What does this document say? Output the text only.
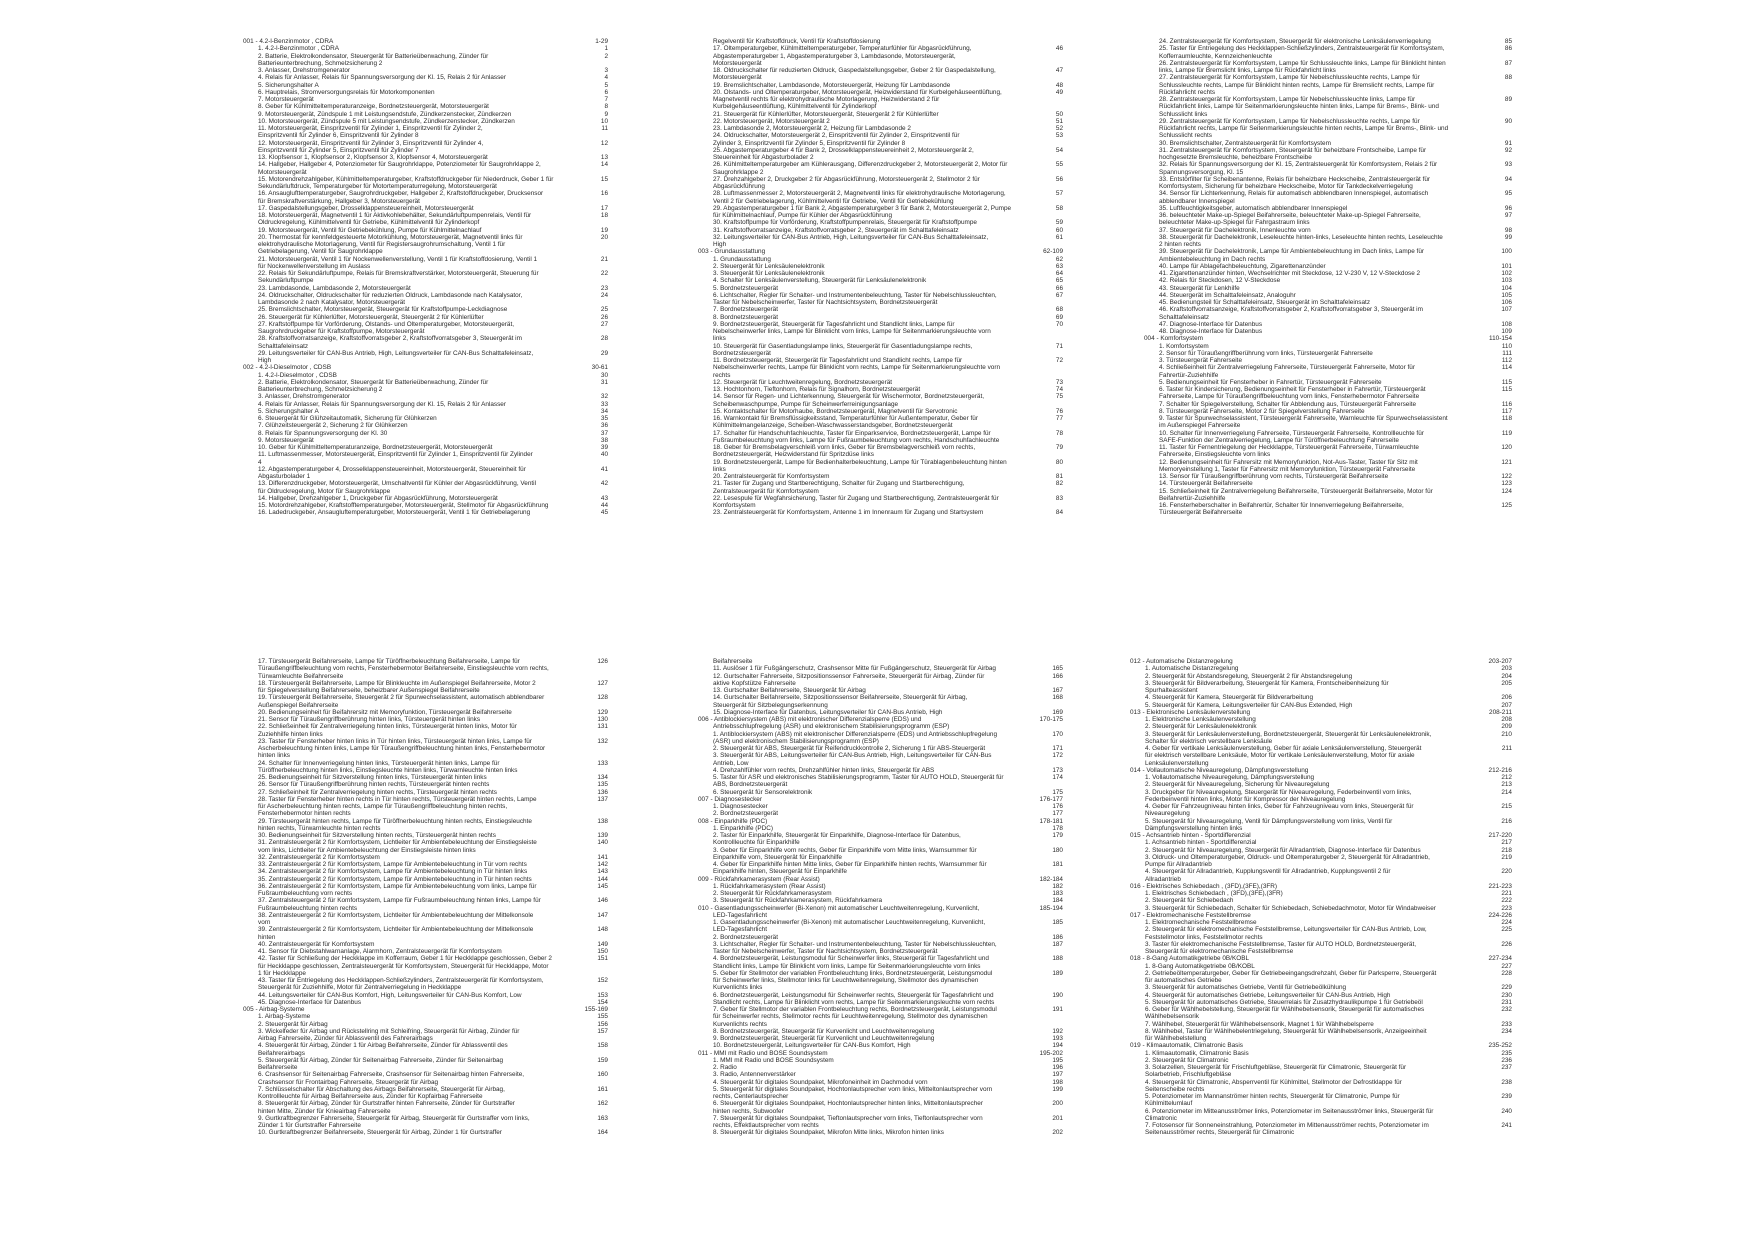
001 - 4.2-l-Benzinmotor , CDRA	1-29
1. 4.2-l-Benzinmotor , CDRA	1
2. Batterie, Elektrolkondensator, Steuergerät für Batterieüberwachung, Zünder für	2
Batterieunterbrechung, Schmelzsicherung 2
3. Anlasser, Drehstromgenerator	3
4. Relais für Anlasser, Relais für Spannungsversorgung der Kl. 15, Relais 2 für Anlasser	4
5. Sicherungshalter A	5
6. Hauptrelais, Stromversorgungsrelais für Motorkomponenten	6
7. Motorsteuergerät	7
8. Geber für Kühlmitteltemperaturanzeige, Bordnetzsteuergerät, Motorsteuergerät	8
9. Motorsteuergerät, Zündspule 1 mit Leistungsendstufe, Zündkerzenstecker, Zündkerzen	9
10. Motorsteuergerät, Zündspule 5 mit Leistungsendstufe, Zündkerzenstecker, Zündkerzen	10
11. Motorsteuergerät, Einspritzventil für Zylinder 1, Einspritzventil für Zylinder 2,	11
Einspritzventil für Zylinder 6, Einspritzventil für Zylinder 8
12. Motorsteuergerät, Einspritzventil für Zylinder 3, Einspritzventil für Zylinder 4,	12
Einspritzventil für Zylinder 5, Einspritzventil für Zylinder 7
13. Klopfsensor 1, Klopfsensor 2, Klopfsensor 3, Klopfsensor 4, Motorsteuergerät	13
14. Hallgeber, Hallgeber 4, Potenziometer für Saugrohrklappe, Potenziometer für Saugrohrklappe 2,	14
Motorsteuergerät
15. Motorendrehzahlgeber, Kühlmitteltemperaturgeber, Kraftstoffdruckgeber für Niederdruck, Geber 1 für	15
Sekundärluftdruck, Temperaturgeber für Motortemperaturregelung, Motorsteuergerät
16. Ansauglufttemperaturgeber, Saugrohrdruckgeber, Hallgeber 2, Kraftstoffdruckgeber, Drucksensor	16
für Bremskraftverstärkung, Hallgeber 3, Motorsteuergerät
17. Gaspedalstellungsgeber, Drosselklappensteuereinheit, Motorsteuergerät	17
18. Motorsteuergerät, Magnetventil 1 für Aktivkohlebehälter, Sekundärluftpumpenrelais, Ventil für	18
Öldruckregelung, Kühlmittelventil für Getriebe, Kühlmittelventil für Zylinderkopf
19. Motorsteuergerät, Ventil für Getriebekühlung, Pumpe für Kühlmittelnachlauf	19
20. Thermostat für kennfeldgesteuerte Motorkühlung, Motorsteuergerät, Magnetventil links für	20
elektrohydraulische Motorlagerung, Ventil für Registersaugrohrumschaltung, Ventil 1 für
Getriebelagerung, Ventil für Saugrohrklappe
21. Motorsteuergerät, Ventil 1 für Nockenwellenverstellung, Ventil 1 für Kraftstoffdosierung, Ventil 1	21
für Nockenwellenverstellung im Auslass
22. Relais für Sekundärluftpumpe, Relais für Bremskraftverstärker, Motorsteuergerät, Steuerung für	22
Sekundärluftpumpe
23. Lambdasonde, Lambdasonde 2, Motorsteuergerät	23
24. Öldruckschalter, Öldruckschalter für reduzierten Öldruck, Lambdasonde nach Katalysator,	24
Lambdasonde 2 nach Katalysator, Motorsteuergerät
25. Bremslichtschalter, Motorsteuergerät, Steuergerät für Kraftstoffpumpe-Leckdiagnose	25
26. Steuergerät für Kühlerlüfter, Motorsteuergerät, Steuergerät 2 für Kühlerlüfter	26
27. Kraftstoffpumpe für Vorförderung, Ölstands- und Öltemperaturgeber, Motorsteuergerät,	27
Saugrohrdruckgeber für Kraftstoffpumpe, Motorsteuergerät
28. Kraftstoffvorratsanzeige, Kraftstoffvorratsgeber 2, Kraftstoffvorratsgeber 3, Steuergerät im	28
Schalttafeleinsatz
29. Leitungsverteiler für CAN-Bus Antrieb, High, Leitungsverteiler für CAN-Bus Schalttafeleinsatz,	29
High
002 - 4.2-l-Dieselmotor , CDSB	30-61
1. 4.2-l-Dieselmotor , CDSB	30
2. Batterie, Elektrolkondensator, Steuergerät für Batterieüberwachung, Zünder für	31
Batterieunterbrechung, Schmelzsicherung 2
3. Anlasser, Drehstromgenerator	32
4. Relais für Anlasser, Relais für Spannungsversorgung der Kl. 15, Relais 2 für Anlasser	33
5. Sicherungshalter A	34
6. Steuergerät für Glühzeitautomatik, Sicherung für Glühkerzen	35
7. Glühzeitsteuergerät 2, Sicherung 2 für Glühkerzen	36
8. Relais für Spannungsversorgung der Kl. 30	37
9. Motorsteuergerät	38
10. Geber für Kühlmitteltemperaturanzeige, Bordnetzsteuergerät, Motorsteuergerät	39
11. Luftmassenmesser, Motorsteuergerät, Einspritzventil für Zylinder 1, Einspritzventil für Zylinder	40
4
12. Abgastemperaturgeber 4, Drosselklappensteuereinheit, Motorsteuergerät, Steuereinheit für	41
Abgasturbolader 1
13. Differenzdruckgeber, Motorsteuergerät, Umschaltventil für Kühler der Abgasrückführung, Ventil	42
für Öldruckregelung, Motor für Saugrohrklappe
14. Hallgeber, Drehzahlgeber 1, Druckgeber für Abgasrückführung, Motorsteuergerät	43
15. Motordrehzahlgeber, Kraftstofftemperaturgeber, Motorsteuergerät, Stellmotor für Abgasrückführung	44
16. Ladedruckgeber, Ansaugluftemperaturgeber, Motorsteuergerät, Ventil 1 für Getriebelagerung	45
Regelventil für Kraftstoffdruck, Ventil für Kraftstoffdosierung
17. Öltemperaturgeber, Kühlmitteltemperaturgeber, Temperaturfühler für Abgasrückführung,	46
Abgastemperaturgeber 1, Abgastemperaturgeber 3, Lambdasonde, Motorsteuergerät,
Motorsteuergerät
18. Öldruckschalter für reduzierten Öldruck, Gaspedalstellungsgeber, Geber 2 für Gaspedalstellung,	47
Motorsteuergerät
19. Bremslichtschalter, Lambdasonde, Motorsteuergerät, Heizung für Lambdasonde	48
20. Ölstands- und Öltemperaturgeber, Motorsteuergerät, Heizwiderstand für Kurbelgehäuseentlüftung,	49
Magnetventil rechts für elektrohydraulische Motorlagerung, Heizwiderstand 2 für
Kurbelgehäuseentlüftung, Kühlmittelventil für Zylinderkopf
21. Steuergerät für Kühlerlüfter, Motorsteuergerät, Steuergerät 2 für Kühlerlüfter	50
22. Motorsteuergerät, Motorsteuergerät 2	51
23. Lambdasonde 2, Motorsteuergerät 2, Heizung für Lambdasonde 2	52
24. Öldruckschalter, Motorsteuergerät 2, Einspritzventil für Zylinder 2, Einspritzventil für	53
Zylinder 3, Einspritzventil für Zylinder 5, Einspritzventil für Zylinder 8
25. Abgastemperaturgeber 4 für Bank 2, Drosselklappensteuereinheit 2, Motorsteuergerät 2,	54
Steuereinheit für Abgasturbolader 2
26. Kühlmitteltemperaturgeber am Kühlerausgang, Differenzdruckgeber 2, Motorsteuergerät 2, Motor für	55
Saugrohrklappe 2
27. Drehzahlgeber 2, Druckgeber 2 für Abgasrückführung, Motorsteuergerät 2, Stellmotor 2 für	56
Abgasrückführung
28. Luftmassenmesser 2, Motorsteuergerät 2, Magnetventil links für elektrohydraulische Motorlagerung,	57
Ventil 2 für Getriebelagerung, Kühlmittelventil für Getriebe, Ventil für Getriebekühlung
29. Abgastemperaturgeber 1 für Bank 2, Abgastemperaturgeber 3 für Bank 2, Motorsteuergerät 2, Pumpe	58
für Kühlmittelnachlauf, Pumpe für Kühler der Abgasrückführung
30. Kraftstoffpumpe für Vorförderung, Kraftstoffpumpenrelais, Steuergerät für Kraftstoffpumpe	59
31. Kraftstoffvorratsanzeige, Kraftstoffvorratsgeber 2, Steuergerät im Schalttafeleinsatz	60
32. Leitungsverteiler für CAN-Bus Antrieb, High, Leitungsverteiler für CAN-Bus Schalttafeleinsatz,	61
High
003 - Grundausstattung	62-109
1. Grundausstattung	62
2. Steuergerät für Lenksäulenelektronik	63
3. Steuergerät für Lenksäulenelektronik	64
4. Schalter für Lenksäulenverstellung, Steuergerät für Lenksäulenelektronik	65
5. Bordnetzsteuergerät	66
6. Lichtschalter, Regler für Schalter- und Instrumentenbeleuchtung, Taster für Nebelschlussleuchten,	67
Taster für Nebelscheinwerfer, Taster für Nachtsichtsystem, Bordnetzsteuergerät
7. Bordnetzsteuergerät	68
8. Bordnetzsteuergerät	69
9. Bordnetzsteuergerät, Steuergerät für Tagesfahrlicht und Standlicht links, Lampe für	70
Nebelscheinwerfer links, Lampe für Blinklicht vorn links, Lampe für Seitenmarkierungsleuchte vorn
links
10. Steuergerät für Gasentladungslampe links, Steuergerät für Gasentladungslampe rechts,	71
Bordnetzsteuergerät
11. Bordnetzsteuergerät, Steuergerät für Tagesfahrlicht und Standlicht rechts, Lampe für	72
Nebelscheinwerfer rechts, Lampe für Blinklicht vorn rechts, Lampe für Seitenmarkierungsleuchte vorn
rechts
12. Steuergerät für Leuchtweitenregelung, Bordnetzsteuergerät	73
13. Hochtonhorn, Tieftonhorn, Relais für Signalhorn, Bordnetzsteuergerät	74
14. Sensor für Regen- und Lichterkennung, Steuergerät für Wischermotor, Bordnetzsteuergerät,	75
Scheibenwaschpumpe, Pumpe für Scheinwerferreinigungsanlage
15. Kontaktschalter für Motorhaube, Bordnetzsteuergerät, Magnetventil für Servotronic	76
16. Warnkontakt für Bremsflüssigkeitsstand, Temperaturfühler für Außentemperatur, Geber für	77
Kühlmittelmangelanzeige, Scheiben-Waschwasserstandsgeber, Bordnetzsteuergerät
17. Schalter für Handschuhfachleuchte, Taster für Einparkservice, Bordnetzsteuergerät, Lampe für	78
Fußraumbeleuchtung vorn links, Lampe für Fußraumbeleuchtung vorn rechts, Handschuhfachleuchte
18. Geber für Bremsbelagverschleiß vorn links, Geber für Bremsbelagverschleiß vorn rechts,	79
Bordnetzsteuergerät, Heizwiderstand für Spritzdüse links
19. Bordnetzsteuergerät, Lampe für Bedienhalterbeleuchtung, Lampe für Türablagenbeleuchtung hinten	80
links
20. Zentralsteuergerät für Komfortsystem	81
21. Taster für Zugang und Startberechtigung, Schalter für Zugang und Startberechtigung,	82
Zentralsteuergerät für Komfortsystem
22. Lesespule für Wegfahrsicherung, Taster für Zugang und Startberechtigung, Zentralsteuergerät für	83
Komfortsystem
23. Zentralsteuergerät für Komfortsystem, Antenne 1 im Innenraum für Zugang und Startsystem	84
24. Zentralsteuergerät für Komfortsystem, Steuergerät für elektronische Lenksäulenverriegelung	85
25. Taster für Entriegelung des Heckklappen-Schließzylinders, Zentralsteuergerät für Komfortsystem,	86
Kofferraumleuchte, Kennzeichenleuchte
26. Zentralsteuergerät für Komfortsystem, Lampe für Schlussleuchte links, Lampe für Blinklicht hinten	87
links, Lampe für Bremslicht links, Lampe für Rückfahrlicht links
27. Zentralsteuergerät für Komfortsystem, Lampe für Nebelschlussleuchte rechts, Lampe für	88
Schlussleuchte rechts, Lampe für Blinklicht hinten rechts, Lampe für Bremslicht rechts, Lampe für
Rückfahrlicht rechts
28. Zentralsteuergerät für Komfortsystem, Lampe für Nebelschlussleuchte links, Lampe für	89
Rückfahrlicht links, Lampe für Seitenmarkierungsleuchte hinten links, Lampe für Brems-, Blink- und
Schlusslicht links
29. Zentralsteuergerät für Komfortsystem, Lampe für Nebelschlussleuchte rechts, Lampe für	90
Rückfahrlicht rechts, Lampe für Seitenmarkierungsleuchte hinten rechts, Lampe für Brems-, Blink- und
Schlusslicht rechts
30. Bremslichtschalter, Zentralsteuergerät für Komfortsystem	91
31. Zentralsteuergerät für Komfortsystem, Steuergerät für beheizbare Frontscheibe, Lampe für	92
hochgesetzte Bremsleuchte, beheizbare Frontscheibe
32. Relais für Spannungsversorgung der Kl. 15, Zentralsteuergerät für Komfortsystem, Relais 2 für	93
Spannungsversorgung, Kl. 15
33. Entstörfilter für Scheibenantenne, Relais für beheizbare Heckscheibe, Zentralsteuergerät für	94
Komfortsystem, Sicherung für beheizbare Heckscheibe, Motor für Tankdeckelverriegelung
34. Sensor für Lichterkennung, Relais für automatisch abblendbaren Innenspiegel, automatisch	95
abblendbarer Innenspiegel
35. Luftfeuchtigkeitsgeber, automatisch abblendbarer Innenspiegel	96
36. beleuchteter Make-up-Spiegel Beifahrerseite, beleuchteter Make-up-Spiegel Fahrerseite,	97
beleuchteter Make-up-Spiegel für Fahrgastraum links
37. Steuergerät für Dachelektronik, Innenleuchte vorn	98
38. Steuergerät für Dachelektronik, Leseleuchte hinten-links, Leseleuchte hinten rechts, Leseleuchte	99
2 hinten rechts
39. Steuergerät für Dachelektronik, Lampe für Ambientebeleuchtung im Dach links, Lampe für	100
Ambientebeleuchtung im Dach rechts
40. Lampe für Ablagefachbeleuchtung, Zigarettenanzünder	101
41. Zigarettenanzünder hinten, Wechselrichter mit Steckdose, 12 V-230 V, 12 V-Steckdose 2	102
42. Relais für Steckdosen, 12 V-Steckdose	103
43. Steuergerät für Lenkhilfe	104
44. Steuergerät im Schalttafeleinsatz, Analoguhr	105
45. Bedienungsteil für Schalttafeleinsatz, Steuergerät im Schalttafeleinsatz	106
46. Kraftstoffvorratsanzeige, Kraftstoffvorratsgeber 2, Kraftstoffvorratsgeber 3, Steuergerät im	107
Schalttafeleinsatz
47. Diagnose-Interface für Datenbus	108
48. Diagnose-Interface für Datenbus	109
004 - Komfortsystem	110-154
1. Komfortsystem	110
2. Sensor für Türaußengriffberührung vorn links, Türsteuergerät Fahrerseite	111
3. Türsteuergerät Fahrerseite	112
4. Schließeinheit für Zentralverriegelung Fahrerseite, Türsteuergerät Fahrerseite, Motor für	114
Fahrertür-Zuziehhilfe
5. Bedienungseinheit für Fensterheber in Fahrertür, Türsteuergerät Fahrerseite	115
6. Taster für Kindersicherung, Bedienungseinheit für Fensterheber in Fahrertür, Türsteuergerät	115
Fahrerseite, Lampe für Türaußengriffbeleuchtung vorn links, Fensterhebermotor Fahrerseite
7. Schalter für Spiegelverstellung, Schalter für Abblendung aus, Türsteuergerät Fahrerseite	116
8. Türsteuergerät Fahrerseite, Motor 2 für Spiegelverstellung Fahrerseite	117
9. Taster für Spurwechselassistent, Türsteuergerät Fahrerseite, Warnleuchte für Spurwechselassistent	118
im Außenspiegel Fahrerseite
10. Schalter für Innenverriegelung Fahrerseite, Türsteuergerät Fahrerseite, Kontrollleuchte für	119
SAFE-Funktion der Zentralverriegelung, Lampe für Türöffnerbeleuchtung Fahrerseite
11. Taster für Fernentriegelung der Heckklappe, Türsteuergerät Fahrerseite, Türwarnleuchte	120
Fahrerseite, Einstiegsleuchte vorn links
12. Bedienungseinheit für Fahrersitz mit Memoryfunktion, Not-Aus-Taster, Taster für Sitz mit	121
Memoryeinstellung 1, Taster für Fahrersitz mit Memoryfunktion, Türsteuergerät Fahrerseite
13. Sensor für Türaußengriffberührung vorn rechts, Türsteuergerät Beifahrerseite	122
14. Türsteuergerät Beifahrerseite	123
15. Schließeinheit für Zentralverriegelung Beifahrerseite, Türsteuergerät Beifahrerseite, Motor für	124
Beifahrertür-Zuziehhilfe
16. Fensterheberschalter in Beifahrertür, Schalter für Innenverriegelung Beifahrerseite,	125
Türsteuergerät Beifahrerseite
17. Türsteuergerät Beifahrerseite, Lampe für Türöffnerbeleuchtung Beifahrerseite, Lampe für	126
Türaußengriffbeleuchtung vorn rechts, Fensterhebermotor Beifahrerseite, Einstiegsleuchte vorn rechts,
Türwarnleuchte Beifahrerseite
18. Türsteuergerät Beifahrerseite, Lampe für Blinkleuchte im Außenspiegel Beifahrerseite, Motor 2	127
für Spiegelverstellung Beifahrerseite, beheizbarer Außenspiegel Beifahrerseite
19. Türsteuergerät Beifahrerseite, Steuergerät 2 für Spurwechselassistent, automatisch abblendbarer	128
Außenspiegel Beifahrerseite
20. Bedienungseinheit für Beifahrersitz mit Memoryfunktion, Türsteuergerät Beifahrerseite	129
21. Sensor für Türaußengriffberührung hinten links, Türsteuergerät hinten links	130
22. Schließeinheit für Zentralverriegelung hinten links, Türsteuergerät hinten links, Motor für	131
Zuziehhilfe hinten links
23. Taster für Fensterheber hinten links in Tür hinten links, Türsteuergerät hinten links, Lampe für	132
Ascherbeleuchtung hinten links, Lampe für Türaußengriffbeleuchtung hinten links, Fensterhebermotor
hinten links
24. Schalter für Innenverriegelung hinten links, Türsteuergerät hinten links, Lampe für	133
Türöffnerbeleuchtung hinten links, Einstiegsleuchte hinten links, Türwarnleuchte hinten links
25. Bedienungseinheit für Sitzverstellung hinten links, Türsteuergerät hinten links	134
26. Sensor für Türaußengriffberührung hinten rechts, Türsteuergerät hinten rechts	135
27. Schließeinheit für Zentralverriegelung hinten rechts, Türsteuergerät hinten rechts	136
28. Taster für Fensterheber hinten rechts in Tür hinten rechts, Türsteuergerät hinten rechts, Lampe	137
für Ascherbeleuchtung hinten rechts, Lampe für Türaußengriffbeleuchtung hinten rechts,
Fensterhebermotor hinten rechts
29. Türsteuergerät hinten rechts, Lampe für Türöffnerbeleuchtung hinten rechts, Einstiegsleuchte	138
hinten rechts, Türwarnleuchte hinten rechts
30. Bedienungseinheit für Sitzverstellung hinten rechts, Türsteuergerät hinten rechts	139
31. Zentralsteuergerät 2 für Komfortsystem, Lichtleiter für Ambientebeleuchtung der Einstiegsleiste	140
vorn links, Lichtleiter für Ambientebeleuchtung der Einstiegsleiste hinten links
32. Zentralsteuergerät 2 für Komfortsystem	141
33. Zentralsteuergerät 2 für Komfortsystem, Lampe für Ambientebeleuchtung in Tür vorn rechts	142
34. Zentralsteuergerät 2 für Komfortsystem, Lampe für Ambientebeleuchtung in Tür hinten links	143
35. Zentralsteuergerät 2 für Komfortsystem, Lampe für Ambientebeleuchtung in Tür hinten rechts	144
36. Zentralsteuergerät 2 für Komfortsystem, Lampe für Ambientebeleuchtung vorn links, Lampe für	145
Fußraumbeleuchtung vorn rechts
37. Zentralsteuergerät 2 für Komfortsystem, Lampe für Fußraumbeleuchtung hinten links, Lampe für	146
Fußraumbeleuchtung hinten rechts
38. Zentralsteuergerät 2 für Komfortsystem, Lichtleiter für Ambientebeleuchtung der Mittelkonsole	147
vorn
39. Zentralsteuergerät 2 für Komfortsystem, Lichtleiter für Ambientebeleuchtung der Mittelkonsole	148
hinten
40. Zentralsteuergerät für Komfortsystem	149
41. Sensor für Diebstahlwarnanlage, Alarmhorn, Zentralsteuergerät für Komfortsystem	150
42. Taster für Schließung der Heckklappe im Kofferraum, Geber 1 für Heckklappe geschlossen, Geber 2	151
für Heckklappe geschlossen, Zentralsteuergerät für Komfortsystem, Steuergerät für Heckklappe, Motor
1 für Heckklappe
43. Taster für Entriegelung des Heckklappen-Schließzylinders, Zentralsteuergerät für Komfortsystem,	152
Steuergerät für Zuziehhilfe, Motor für Zentralverriegelung in Heckklappe
44. Leitungsverteiler für CAN-Bus Komfort, High, Leitungsverteiler für CAN-Bus Komfort, Low	153
45. Diagnose-Interface für Datenbus	154
005 - Airbag-Systeme	155-169
1. Airbag-Systeme	155
2. Steuergerät für Airbag	156
3. Wickelfeder für Airbag und Rückstellring mit Schleifring, Steuergerät für Airbag, Zünder für	157
Airbag Fahrerseite, Zünder für Ablassventil des Fahrerairbags
4. Steuergerät für Airbag, Zünder 1 für Airbag Beifahrerseite, Zünder für Ablassventil des	158
Beifahrerairbags
5. Steuergerät für Airbag, Zünder für Seitenairbag Fahrerseite, Zünder für Seitenairbag	159
Beifahrerseite
6. Crashsensor für Seitenairbag Fahrerseite, Crashsensor für Seitenairbag hinten Fahrerseite,	160
Crashsensor für Frontairbag Fahrerseite, Steuergerät für Airbag
7. Schlüsselschalter für Abschaltung des Airbags Beifahrerseite, Steuergerät für Airbag,	161
Kontrollleuchte für Airbag Beifahrerseite aus, Zünder für Kopfairbag Fahrerseite
8. Steuergerät für Airbag, Zünder für Gurtstraffer hinten Fahrerseite, Zünder für Gurtstraffer	162
hinten Mitte, Zünder für Knieairbag Fahrerseite
9. Gurtkraftbegrenzer Fahrerseite, Steuergerät für Airbag, Steuergerät für Gurtstraffer vorn links,	163
Zünder 1 für Gurtstraffer Fahrerseite
10. Gurtkraftbegrenzer Beifahrerseite, Steuergerät für Airbag, Zünder 1 für Gurtstraffer	164
Beifahrerseite
11. Auslöser 1 für Fußgängerschutz, Crashsensor Mitte für Fußgängerschutz, Steuergerät für Airbag	165
12. Gurtschalter Fahrerseite, Sitzpositionssensor Fahrerseite, Steuergerät für Airbag, Zünder für	166
aktive Kopfstütze Fahrerseite
13. Gurtschalter Beifahrerseite, Steuergerät für Airbag	167
14. Gurtschalter Beifahrerseite, Sitzpositionssensor Beifahrerseite, Steuergerät für Airbag,	168
Steuergerät für Sitzbelegungserkennung
15. Diagnose-Interface für Datenbus, Leitungsverteiler für CAN-Bus Antrieb, High	169
006 - Antiblockiersystem (ABS) mit elektronischer Differenzialsperre (EDS) und	170-175
Antriebsschlupfregelung (ASR) und elektronischem Stabilisierungsprogramm (ESP)
1. Antiblockiersystem (ABS) mit elektronischer Differenzialsperre (EDS) und Antriebsschlupfregelung	170
(ASR) und elektronischem Stabilisierungsprogramm (ESP)
2. Steuergerät für ABS, Steuergerät für Reifendruckkontrolle 2, Sicherung 1 für ABS-Steuergerät	171
3. Steuergerät für ABS, Leitungsverteiler für CAN-Bus Antrieb, High, Leitungsverteiler für CAN-Bus	172
Antrieb, Low
4. Drehzahlfühler vorn rechts, Drehzahlfühler hinten links, Steuergerät für ABS	173
5. Taster für ASR und elektronisches Stabilisierungsprogramm, Taster für AUTO HOLD, Steuergerät für	174
ABS, Bordnetzsteuergerät
6. Steuergerät für Sensorelektronik	175
007 - Diagnosestecker	176-177
1. Diagnosestecker	176
2. Bordnetzsteuergerät	177
008 - Einparkhilfe (PDC)	178-181
1. Einparkhilfe (PDC)	178
2. Taster für Einparkhilfe, Steuergerät für Einparkhilfe, Diagnose-Interface für Datenbus,	179
Kontrollleuchte für Einparkhilfe
3. Geber für Einparkhilfe vorn rechts, Geber für Einparkhilfe vorn Mitte links, Warnsummer für	180
Einparkhilfe vorn, Steuergerät für Einparkhilfe
4. Geber für Einparkhilfe hinten Mitte links, Geber für Einparkhilfe hinten rechts, Warnsummer für	181
Einparkhilfe hinten, Steuergerät für Einparkhilfe
009 - Rückfahrkamerasystem (Rear Assist)	182-184
1. Rückfahrkamerasystem (Rear Assist)	182
2. Steuergerät für Rückfahrkamerasystem	183
3. Steuergerät für Rückfahrkamerasystem, Rückfahrkamera	184
010 - Gasentladungsscheinwerfer (Bi-Xenon) mit automatischer Leuchtweitenregelung, Kurvenlicht,	185-194
LED-Tagesfahrlicht
1. Gasentladungsscheinwerfer (Bi-Xenon) mit automatischer Leuchtweitenregelung, Kurvenlicht,	185
LED-Tagesfahrlicht
2. Bordnetzsteuergerät	186
3. Lichtschalter, Regler für Schalter- und Instrumentenbeleuchtung, Taster für Nebelschlussleuchten,	187
Taster für Nebelscheinwerfer, Taster für Nachtsichtsystem, Bordnetzsteuergerät
4. Bordnetzsteuergerät, Leistungsmodul für Scheinwerfer links, Steuergerät für Tagesfahrlicht und	188
Standlicht links, Lampe für Blinklicht vorn links, Lampe für Seitenmarkierungsleuchte vorn links
5. Geber für Stellmotor der variablen Frontbeleuchtung links, Bordnetzsteuergerät, Leistungsmodul	189
für Scheinwerfer links, Stellmotor links für Leuchtweitenregelung, Stellmotor des dynamischen
Kurvenlichts links
6. Bordnetzsteuergerät, Leistungsmodul für Scheinwerfer rechts, Steuergerät für Tagesfahrlicht und	190
Standlicht rechts, Lampe für Blinklicht vorn rechts, Lampe für Seitenmarkierungsleuchte vorn rechts
7. Geber für Stellmotor der variablen Frontbeleuchtung rechts, Bordnetzsteuergerät, Leistungsmodul	191
für Scheinwerfer rechts, Stellmotor rechts für Leuchtweitenregelung, Stellmotor des dynamischen
Kurvenlichts rechts
8. Bordnetzsteuergerät, Steuergerät für Kurvenlicht und Leuchtweitenregelung	192
9. Bordnetzsteuergerät, Steuergerät für Kurvenlicht und Leuchtweitenregelung	193
10. Bordnetzsteuergerät, Leitungsverteiler für CAN-Bus Komfort, High	194
011 - MMI mit Radio und BOSE Soundsystem	195-202
1. MMI mit Radio und BOSE Soundsystem	195
2. Radio	196
3. Radio, Antennenverstärker	197
4. Steuergerät für digitales Soundpaket, Mikrofoneinheit im Dachmodul vorn	198
5. Steuergerät für digitales Soundpaket, Hochtonlautsprecher vorn links, Mitteltonlautsprecher vorn	199
rechts, Centerlautsprecher
6. Steuergerät für digitales Soundpaket, Hochtonlautsprecher hinten links, Mitteltonlautsprecher	200
hinten rechts, Subwoofer
7. Steuergerät für digitales Soundpaket, Tieftonlautsprecher vorn links, Tieftonlautsprecher vorn	201
rechts, Effektlautsprecher vorn rechts
8. Steuergerät für digitales Soundpaket, Mikrofon Mitte links, Mikrofon hinten links	202
012 - Automatische Distanzregelung	203-207
1. Automatische Distanzregelung	203
2. Steuergerät für Abstandsregelung, Steuergerät 2 für Abstandsregelung	204
3. Steuergerät für Bildverarbeitung, Steuergerät für Kamera, Frontscheibenheizung für	205
Spurhalteassistent
4. Steuergerät für Kamera, Steuergerät für Bildverarbeitung	206
5. Steuergerät für Kamera, Leitungsverteiler für CAN-Bus Extended, High	207
013 - Elektronische Lenksäulenverstellung	208-211
1. Elektronische Lenksäulenverstellung	208
2. Steuergerät für Lenksäulenelektronik	209
3. Steuergerät für Lenksäulenverstellung, Bordnetzsteuergerät, Steuergerät für Lenksäulenelektronik,	210
Schalter für elektrisch verstellbare Lenksäule
4. Geber für vertikale Lenksäulenverstellung, Geber für axiale Lenksäulenverstellung, Steuergerät	211
für elektrisch verstellbare Lenksäule, Motor für vertikale Lenksäulenverstellung, Motor für axiale
Lenksäulenverstellung
014 - Vollautomatische Niveauregelung, Dämpfungsverstellung	212-216
1. Vollautomatische Niveauregelung, Dämpfungsverstellung	212
2. Steuergerät für Niveauregelung, Sicherung für Niveauregelung	213
3. Druckgeber für Niveauregelung, Steuergerät für Niveauregelung, Federbeinventil vorn links,	214
Federbeinventil hinten links, Motor für Kompressor der Niveauregelung
4. Geber für Fahrzeugniveau hinten links, Geber für Fahrzeugniveau vorn links, Steuergerät für	215
Niveauregelung
5. Steuergerät für Niveauregelung, Ventil für Dämpfungsverstellung vorn links, Ventil für	216
Dämpfungsverstellung hinten links
015 - Achsantrieb hinten - Sportdifferenzial	217-220
1. Achsantrieb hinten - Sportdifferenzial	217
2. Steuergerät für Niveauregelung, Steuergerät für Allradantrieb, Diagnose-Interface für Datenbus	218
3. Öldruck- und Öltemperaturgeber, Öldruck- und Öltemperaturgeber 2, Steuergerät für Allradantrieb,	219
Pumpe für Allradantrieb
4. Steuergerät für Allradantrieb, Kupplungsventil für Allradantrieb, Kupplungsventil 2 für	220
Allradantrieb
016 - Elektrisches Schiebedach , (3FD),(3FE),(3FR)	221-223
1. Elektrisches Schiebedach , (3FD),(3FE),(3FR)	221
2. Steuergerät für Schiebedach	222
3. Steuergerät für Schiebedach, Schalter für Schiebedach, Schiebedachmotor, Motor für Windabweiser	223
017 - Elektromechanische Feststellbremse	224-226
1. Elektromechanische Feststellbremse	224
2. Steuergerät für elektromechanische Feststellbremse, Leitungsverteiler für CAN-Bus Antrieb, Low,	225
Feststellmotor links, Feststellmotor rechts
3. Taster für elektromechanische Feststellbremse, Taster für AUTO HOLD, Bordnetzsteuergerät,	226
Steuergerät für elektromechanische Feststellbremse
018 - 8-Gang Automatikgetriebe 0B/KOBL	227-234
1. 8-Gang Automatikgetriebe 0B/KOBL	227
2. Getriebeöltemperaturgeber, Geber für Getriebeeingangsdrehzahl, Geber für Parksperre, Steuergerät	228
für automatisches Getriebe
3. Steuergerät für automatisches Getriebe, Ventil für Getriebeölkühlung	229
4. Steuergerät für automatisches Getriebe, Leitungsverteiler für CAN-Bus Antrieb, High	230
5. Steuergerät für automatisches Getriebe, Steuerrelais für Zusatzhydraulikpumpe 1 für Getriebeöl	231
6. Geber für Wählhebelstellung, Steuergerät für Wählhebelsensorik, Steuergerät für automatisches	232
Wählhebelsensorik
7. Wählhebel, Steuergerät für Wählhebelsensorik, Magnet 1 für Wählhebelsperre	233
8. Wählhebel, Taster für Wählhebelentriegelung, Steuergerät für Wählhebelsensorik, Anzeigeeinheit	234
für Wählhebelstellung
019 - Klimaautomatik, Climatronic Basis	235-252
1. Klimaautomatik, Climatronic Basis	235
2. Steuergerät für Climatronic	236
3. Solarzellen, Steuergerät für Frischluftgebläse, Steuergerät für Climatronic, Steuergerät für	237
Solarbetrieb, Frischluftgebläse
4. Steuergerät für Climatronic, Absperrventil für Kühlmittel, Stellmotor der Defrostklappe für	238
Seitenscheibe rechts
5. Potenziometer im Mannanströmer hinten rechts, Steuergerät für Climatronic, Pumpe für	239
Kühlmittelumlauf
6. Potenziometer im Mitteanusströmer links, Potenziometer im Seitenausströmer links, Steuergerät für	240
Climatronic
7. Fotosensor für Sonneneinstrahlung, Potenziometer im Mittenausströmer rechts, Potenziometer im	241
Seitenausströmer rechts, Steuergerät für Climatronic
